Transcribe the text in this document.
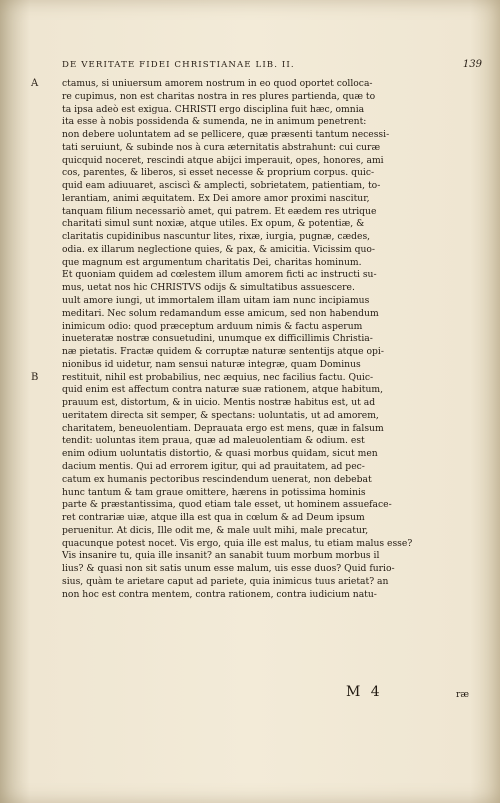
DE VERITATE FIDEI CHRISTIANAE LIB. II.	139
A
B
ctamus, si uniuersum amorem nostrum in eo quod oportet colloca-
re cupimus, non est charitas nostra in res plures partienda, quæ to
ta ipsa adeò est exigua. CHRISTI ergo disciplina fuit hæc, omnia
ita esse à nobis possidenda & sumenda, ne in animum penetrent:
non debere uoluntatem ad se pellicere, quæ præsenti tantum necessi-
tati seruiunt, & subinde nos à cura æternitatis abstrahunt: cui curæ
quicquid noceret, rescindi atque abijci imperauit, opes, honores, ami
cos, parentes, & liberos, si esset necesse & proprium corpus. quic-
quid eam adiuuaret, asciscì & amplecti, sobrietatem, patientiam, to-
lerantiam, animi æquitatem. Ex Dei amore amor proximi nascitur,
tanquam filium necessariò amet, qui patrem. Et eædem res utrique
charitati simul sunt noxiæ, atque utiles. Ex opum, & potentiæ, &
claritatis cupidinibus nascuntur lites, rixæ, iurgia, pugnæ, cædes,
odia. ex illarum neglectione quies, & pax, & amicitia. Vicissim quo-
que magnum est argumentum charitatis Dei, charitas hominum.
Et quoniam quidem ad cœlestem illum amorem ficti ac instructi su-
mus, uetat nos hic CHRISTVS odijs & simultatibus assuescere.
uult amore iungi, ut immortalem illam uitam iam nunc incipiamus
meditari. Nec solum redamandum esse amicum, sed non habendum
inimicum odio: quod præceptum arduum nimis & factu asperum
inueteratæ nostræ consuetudini, unumque ex difficillimis Christia-
næ pietatis. Fractæ quidem & corruptæ naturæ sententijs atque opi-
nionibus id uidetur, nam sensui naturæ integræ, quam Dominus
restituit, nihil est probabilius, nec æquius, nec facilius factu. Quic-
quid enim est affectum contra naturæ suæ rationem, atque habitum,
prauum est, distortum, & in uicio. Mentis nostræ habitus est, ut ad
ueritatem directa sit semper, & spectans: uoluntatis, ut ad amorem,
charitatem, beneuolentiam. Deprauata ergo est mens, quæ in falsum
tendit: uoluntas item praua, quæ ad maleuolentiam & odium. est
enim odium uoluntatis distortio, & quasi morbus quidam, sicut men
dacium mentis. Qui ad errorem igitur, qui ad prauitatem, ad pec-
catum ex humanis pectoribus rescindendum uenerat, non debebat
hunc tantum & tam graue omittere, hærens in potissima hominis
parte & præstantissima, quod etiam tale esset, ut hominem assueface-
ret contrariæ uiæ, atque illa est qua in cœlum & ad Deum ipsum
peruenitur. At dicis, Ille odit me, & male uult mihi, male precatur,
quacunque potest nocet. Vis ergo, quia ille est malus, tu etiam malus esse?
Vis insanire tu, quia ille insanit? an sanabit tuum morbum morbus il
lius? & quasi non sit satis unum esse malum, uis esse duos? Quid furio-
sius, quàm te arietare caput ad pariete, quia inimicus tuus arietat? an
non hoc est contra mentem, contra rationem, contra iudicium natu-
M 4	ræ
